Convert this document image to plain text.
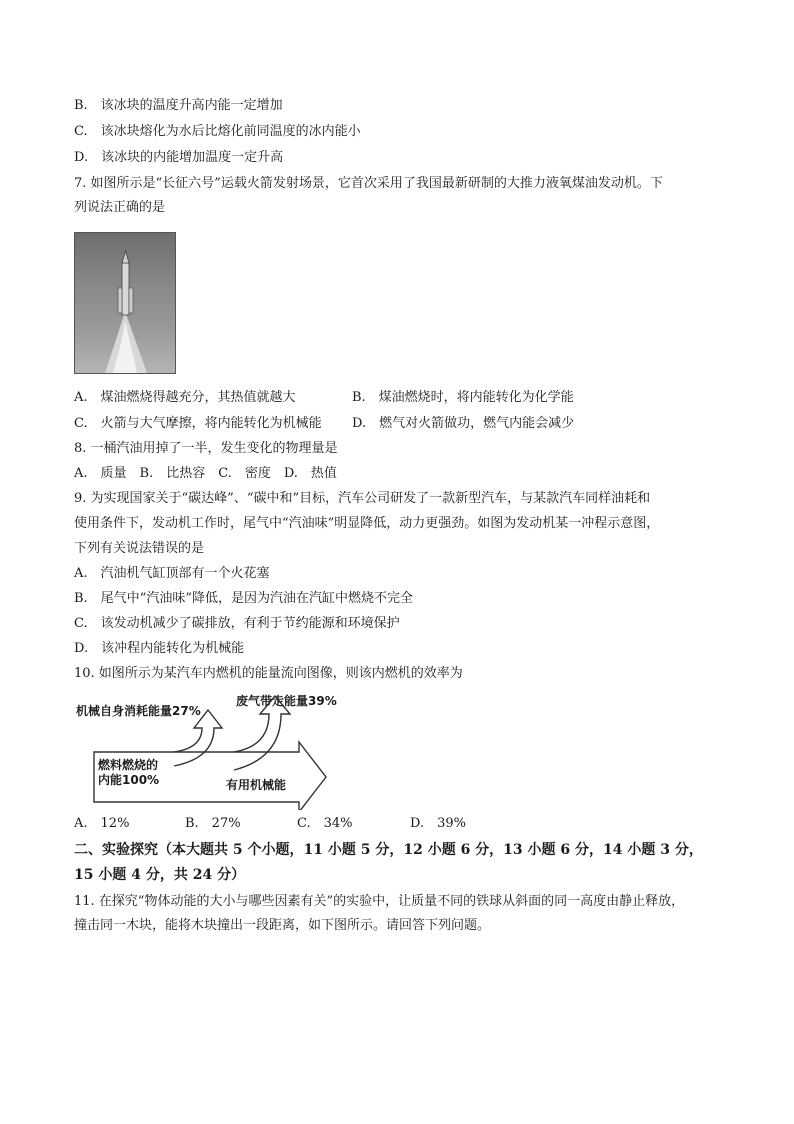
B.　该冰块的温度升高内能一定增加
C.　该冰块熔化为水后比熔化前同温度的冰内能小
D.　该冰块的内能增加温度一定升高
7. 如图所示是“长征六号”运载火箭发射场景，它首次采用了我国最新研制的大推力液氧煤油发动机。下
列说法正确的是
A.　煤油燃烧得越充分，其热值就越大	B.　煤油燃烧时，将内能转化为化学能
C.　火箭与大气摩擦，将内能转化为机械能 D.　燃气对火箭做功，燃气内能会减少
8. 一桶汽油用掉了一半，发生变化的物理量是
A.　质量　B.　比热容　C.　密度　D.　热值
9. 为实现国家关于“碳达峰”、“碳中和”目标，汽车公司研发了一款新型汽车，与某款汽车同样油耗和
使用条件下，发动机工作时，尾气中“汽油味”明显降低，动力更强劲。如图为发动机某一冲程示意图，
下列有关说法错误的是
A.　汽油机气缸顶部有一个火花塞
B.　尾气中“汽油味”降低，是因为汽油在汽缸中燃烧不完全
C.　该发动机减少了碳排放，有利于节约能源和环境保护
D.　该冲程内能转化为机械能
10. 如图所示为某汽车内燃机的能量流向图像，则该内燃机的效率为
机械自身消耗能量27%
废气带走能量39%
燃料燃烧的
内能100%	有用机械能
A.　12%	B.　27%	C.　34%	D.　39%
二、实验探究（本大题共 5 个小题，11 小题 5 分，12 小题 6 分，13 小题 6 分，14 小题 3 分，
15 小题 4 分，共 24 分）
11. 在探究“物体动能的大小与哪些因素有关”的实验中，让质量不同的铁球从斜面的同一高度由静止释放，
撞击同一木块，能将木块撞出一段距离，如下图所示。请回答下列问题。
